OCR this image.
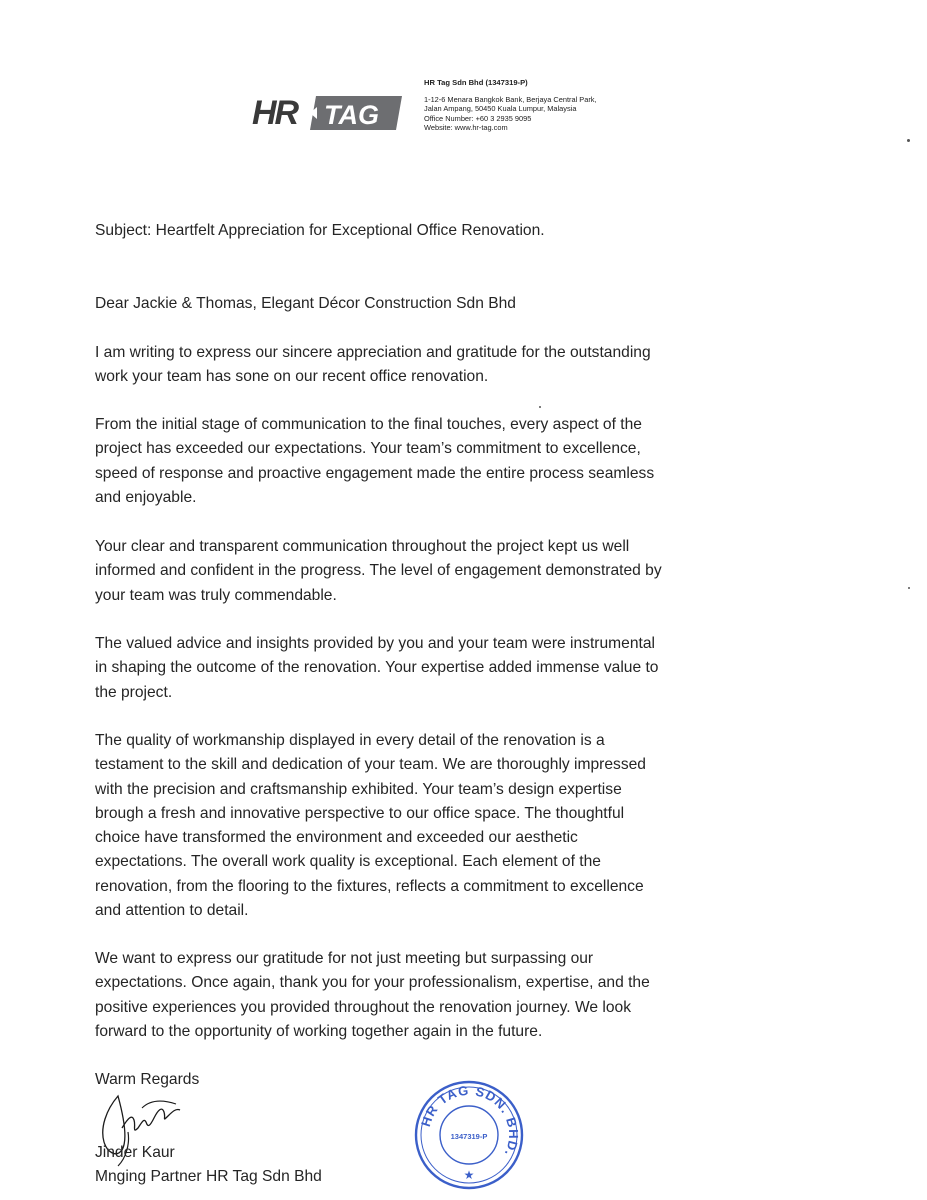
HR TAG
HR Tag Sdn Bhd (1347319-P)
1-12-6 Menara Bangkok Bank, Berjaya Central Park,
Jalan Ampang, 50450 Kuala Lumpur, Malaysia
Office Number: +60 3 2935 9095
Website: www.hr-tag.com
Subject: Heartfelt Appreciation for Exceptional Office Renovation.
Dear Jackie & Thomas, Elegant Décor Construction Sdn Bhd
I am writing to express our sincere appreciation and gratitude for the outstanding
work your team has sone on our recent office renovation.
From the initial stage of communication to the final touches, every aspect of the
project has exceeded our expectations. Your team’s commitment to excellence,
speed of response and proactive engagement made the entire process seamless
and enjoyable.
Your clear and transparent communication throughout the project kept us well
informed and confident in the progress. The level of engagement demonstrated by
your team was truly commendable.
The valued advice and insights provided by you and your team were instrumental
in shaping the outcome of the renovation. Your expertise added immense value to
the project.
The quality of workmanship displayed in every detail of the renovation is a
testament to the skill and dedication of your team. We are thoroughly impressed
with the precision and craftsmanship exhibited. Your team’s design expertise
brough a fresh and innovative perspective to our office space. The thoughtful
choice have transformed the environment and exceeded our aesthetic
expectations. The overall work quality is exceptional. Each element of the
renovation, from the flooring to the fixtures, reflects a commitment to excellence
and attention to detail.
We want to express our gratitude for not just meeting but surpassing our
expectations. Once again, thank you for your professionalism, expertise, and the
positive experiences you provided throughout the renovation journey. We look
forward to the opportunity of working together again in the future.
Warm Regards
Jinder Kaur
Mnging Partner HR Tag Sdn Bhd
HR TAG SDN. BHD.
1347319-P
★
